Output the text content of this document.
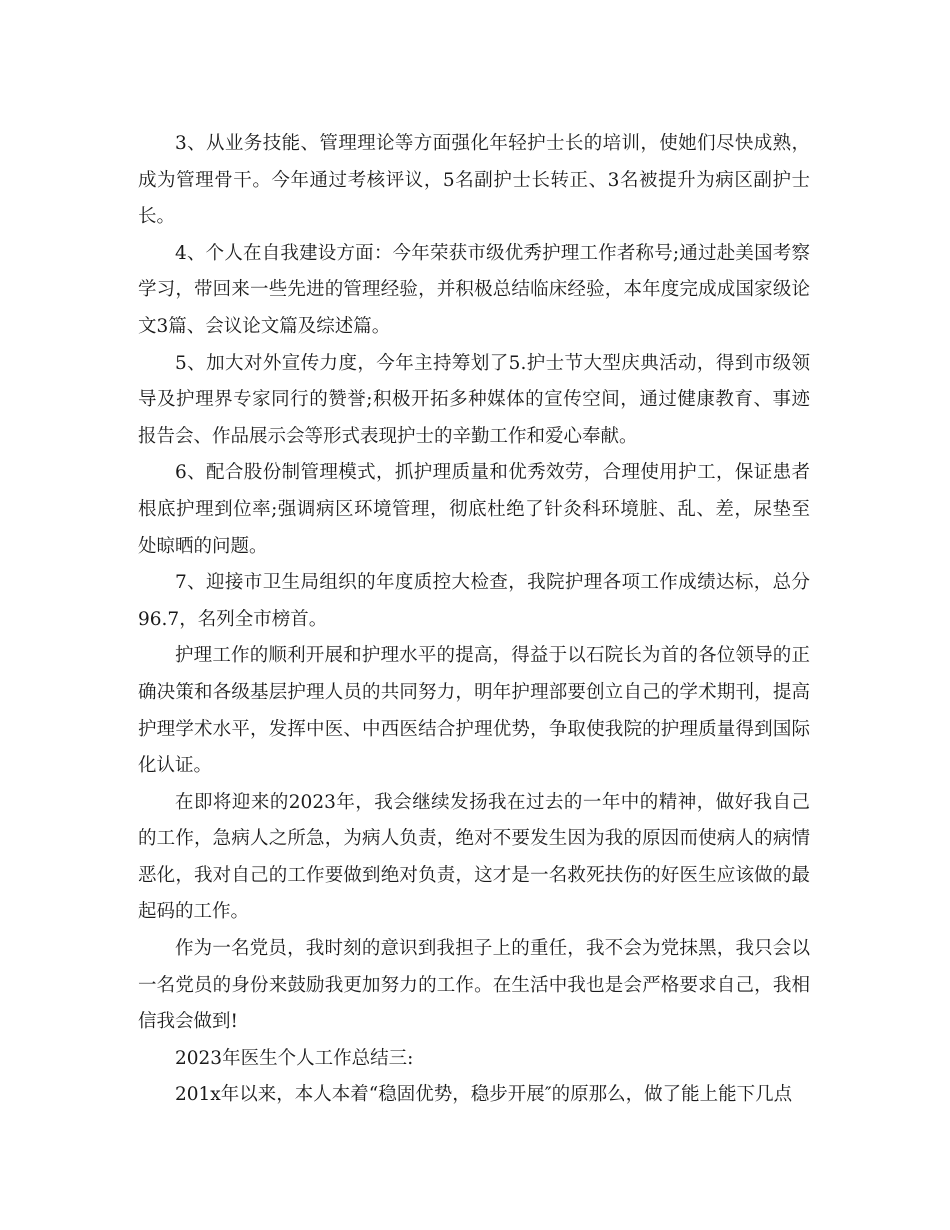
3、从业务技能、管理理论等方面强化年轻护士长的培训，使她们尽快成熟，成为管理骨干。今年通过考核评议，5名副护士长转正、3名被提升为病区副护士长。

4、个人在自我建设方面：今年荣获市级优秀护理工作者称号;通过赴美国考察学习，带回来一些先进的管理经验，并积极总结临床经验，本年度完成成国家级论文3篇、会议论文篇及综述篇。

5、加大对外宣传力度，今年主持筹划了5.护士节大型庆典活动，得到市级领导及护理界专家同行的赞誉;积极开拓多种媒体的宣传空间，通过健康教育、事迹报告会、作品展示会等形式表现护士的辛勤工作和爱心奉献。

6、配合股份制管理模式，抓护理质量和优秀效劳，合理使用护工，保证患者根底护理到位率;强调病区环境管理，彻底杜绝了针灸科环境脏、乱、差，尿垫至处晾晒的问题。

7、迎接市卫生局组织的年度质控大检查，我院护理各项工作成绩达标，总分96.7，名列全市榜首。

护理工作的顺利开展和护理水平的提高，得益于以石院长为首的各位领导的正确决策和各级基层护理人员的共同努力，明年护理部要创立自己的学术期刊，提高护理学术水平，发挥中医、中西医结合护理优势，争取使我院的护理质量得到国际化认证。

在即将迎来的2023年，我会继续发扬我在过去的一年中的精神，做好我自己的工作，急病人之所急，为病人负责，绝对不要发生因为我的原因而使病人的病情恶化，我对自己的工作要做到绝对负责，这才是一名救死扶伤的好医生应该做的最起码的工作。

作为一名党员，我时刻的意识到我担子上的重任，我不会为党抹黑，我只会以一名党员的身份来鼓励我更加努力的工作。在生活中我也是会严格要求自己，我相信我会做到!

2023年医生个人工作总结三:

201x年以来，本人本着“稳固优势，稳步开展″的原那么，做了能上能下几点
